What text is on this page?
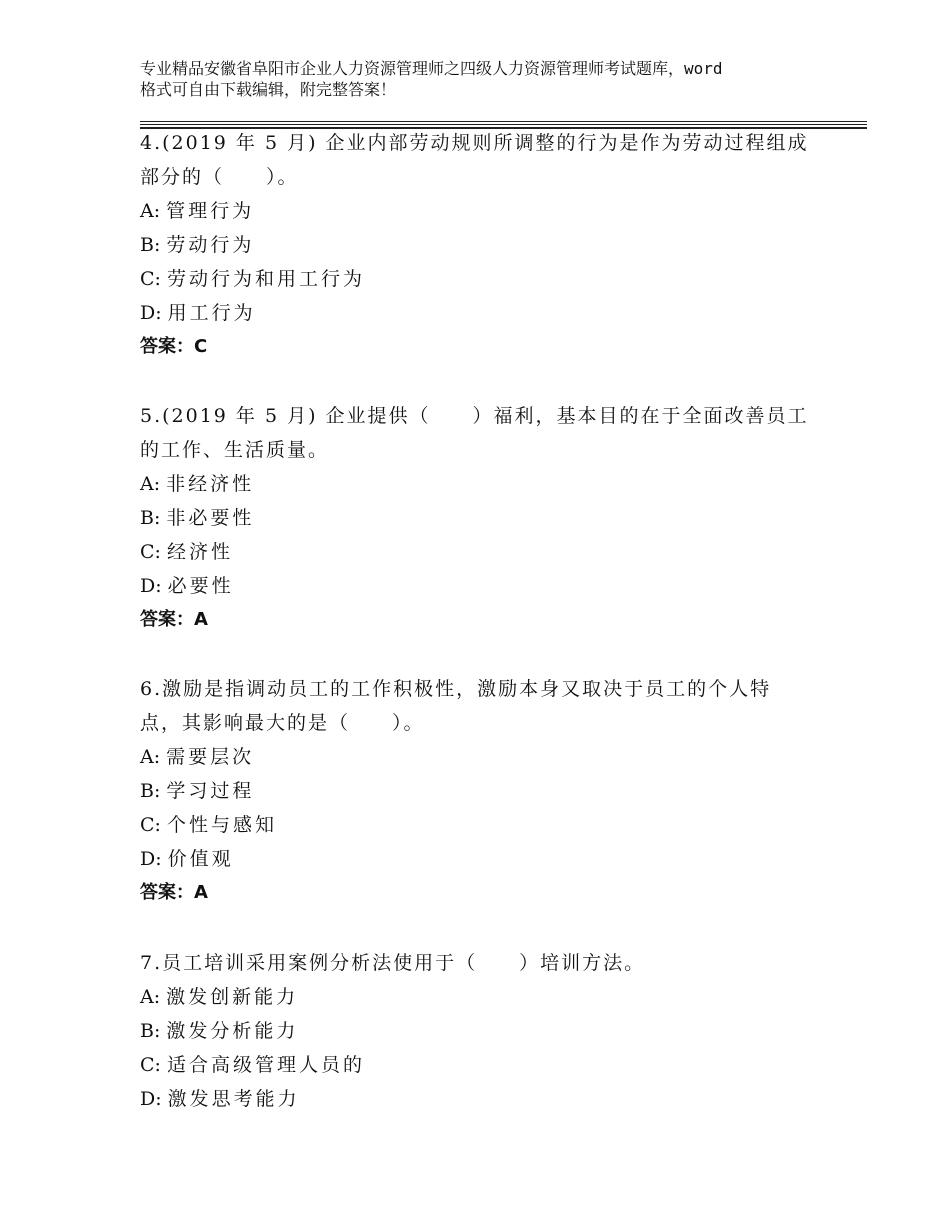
专业精品安徽省阜阳市企业人力资源管理师之四级人力资源管理师考试题库，word
格式可自由下载编辑，附完整答案！
4.(2019 年 5 月) 企业内部劳动规则所调整的行为是作为劳动过程组成
部分的（　　）。
A: 管理行为
B: 劳动行为
C: 劳动行为和用工行为
D: 用工行为
答案：C
5.(2019 年 5 月) 企业提供（　　）福利，基本目的在于全面改善员工
的工作、生活质量。
A: 非经济性
B: 非必要性
C: 经济性
D: 必要性
答案：A
6.激励是指调动员工的工作积极性，激励本身又取决于员工的个人特
点，其影响最大的是（　　）。
A: 需要层次
B: 学习过程
C: 个性与感知
D: 价值观
答案：A
7.员工培训采用案例分析法使用于（　　）培训方法。
A: 激发创新能力
B: 激发分析能力
C: 适合高级管理人员的
D: 激发思考能力
